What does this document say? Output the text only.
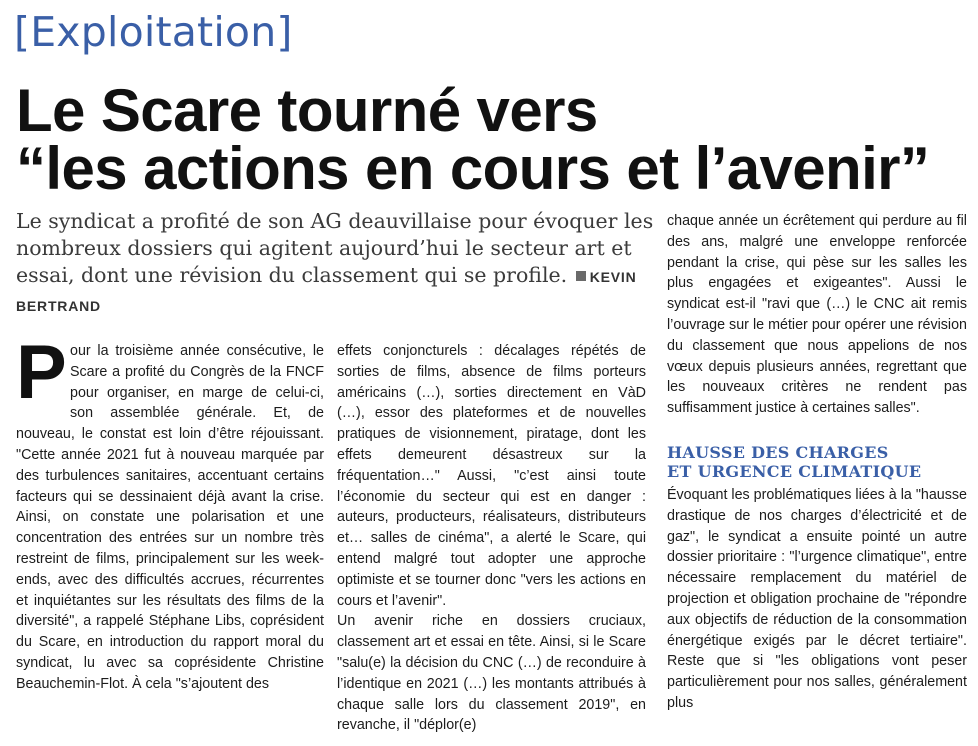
[Exploitation]
Le Scare tourné vers
“les actions en cours et l’avenir”
Le syndicat a profité de son AG deauvillaise pour évoquer les nombreux dossiers qui agitent aujourd’hui le secteur art et essai, dont une révision du classement qui se profile. KEVIN BERTRAND
P our la troisième année consécutive, le Scare a profité du Congrès de la FNCF pour organiser, en marge de celui-ci, son assemblée générale. Et, de nouveau, le constat est loin d’être réjouissant. "Cette année 2021 fut à nouveau marquée par des turbulences sanitaires, accentuant certains facteurs qui se dessinaient déjà avant la crise. Ainsi, on constate une polarisation et une concentration des entrées sur un nombre très restreint de films, principalement sur les week-ends, avec des difficultés accrues, récurrentes et inquiétantes sur les résultats des films de la diversité", a rappelé Stéphane Libs, coprésident du Scare, en introduction du rapport moral du syndicat, lu avec sa coprésidente Christine Beauchemin-Flot. À cela "s’ajoutent des

effets conjoncturels : décalages répétés de sorties de films, absence de films porteurs américains (…), sorties directement en VàD (…), essor des plateformes et de nouvelles pratiques de visionnement, piratage, dont les effets demeurent désastreux sur la fréquentation…" Aussi, "c’est ainsi toute l’économie du secteur qui est en danger : auteurs, producteurs, réalisateurs, distributeurs et… salles de cinéma", a alerté le Scare, qui entend malgré tout adopter une approche optimiste et se tourner donc "vers les actions en cours et l’avenir".

Un avenir riche en dossiers cruciaux, classement art et essai en tête. Ainsi, si le Scare "salu(e) la décision du CNC (…) de reconduire à l’identique en 2021 (…) les montants attribués à chaque salle lors du classement 2019", en revanche, il "déplor(e)

chaque année un écrêtement qui perdure au fil des ans, malgré une enveloppe renforcée pendant la crise, qui pèse sur les salles les plus engagées et exigeantes". Aussi le syndicat est-il "ravi que (…) le CNC ait remis l’ouvrage sur le métier pour opérer une révision du classement que nous appelions de nos vœux depuis plusieurs années, regrettant que les nouveaux critères ne rendent pas suffisamment justice à certaines salles".

HAUSSE DES CHARGES
ET URGENCE CLIMATIQUE

Évoquant les problématiques liées à la "hausse drastique de nos charges d’électricité et de gaz", le syndicat a ensuite pointé un autre dossier prioritaire : "l’urgence climatique", entre nécessaire remplacement du matériel de projection et obligation prochaine de "répondre aux objectifs de réduction de la consommation énergétique exigés par le décret tertiaire". Reste que si "les obligations vont peser particulièrement pour nos salles, généralement plus
